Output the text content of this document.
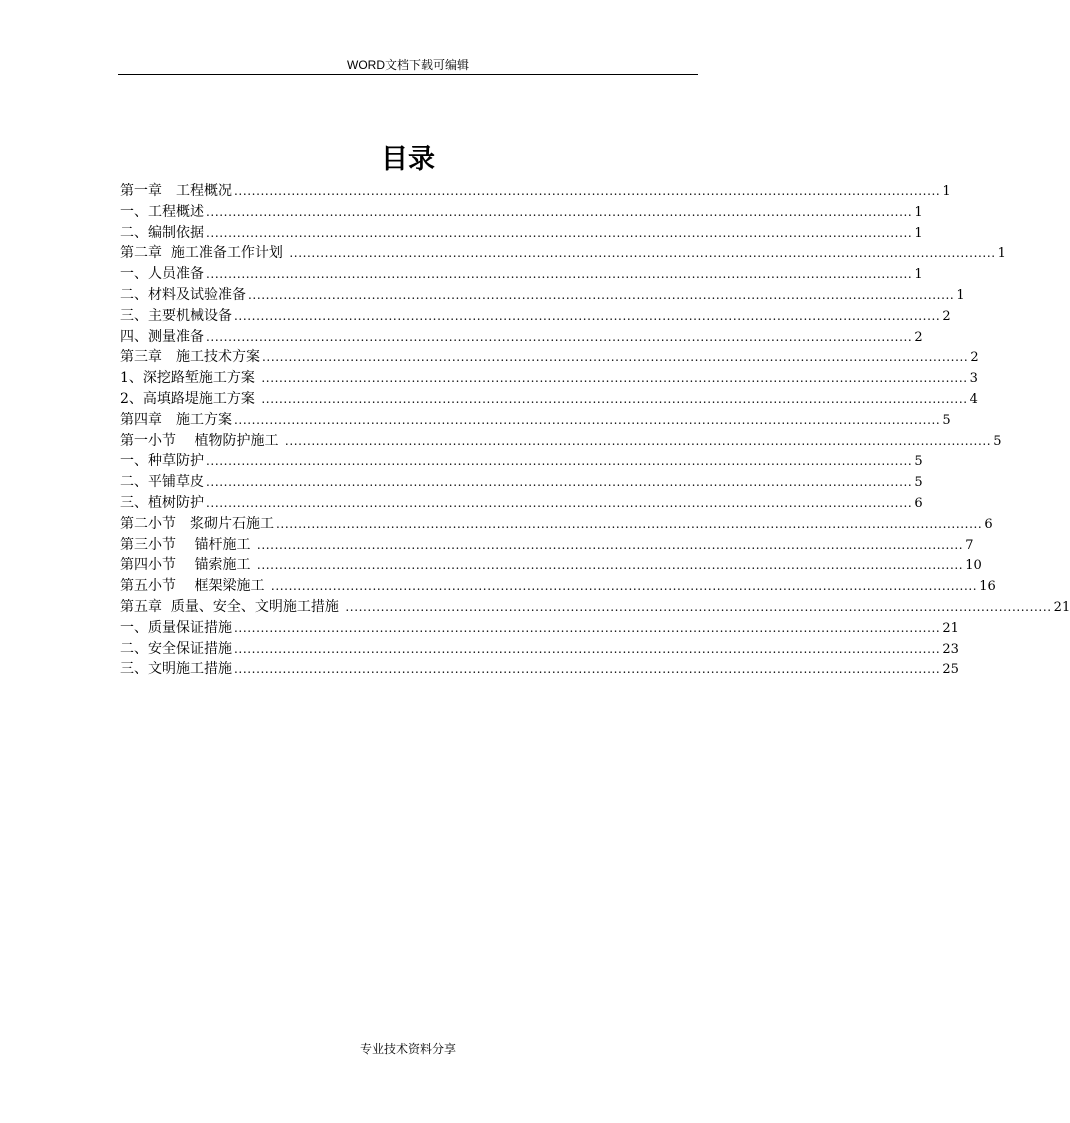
WORD文档下载可编辑
目录
第一章　工程概况 ................................................................................................................................................................ 1
一、工程概述 ................................................................................................................................................................ 1
二、编制依据 ................................................................................................................................................................ 1
第二章  施工准备工作计划 ................................................................................................................................................................ 1
一、人员准备 ................................................................................................................................................................ 1
二、材料及试验准备 ................................................................................................................................................................ 1
三、主要机械设备 ................................................................................................................................................................ 2
四、测量准备 ................................................................................................................................................................ 2
第三章　施工技术方案 ................................................................................................................................................................ 2
1、深挖路堑施工方案 ................................................................................................................................................................ 3
2、高填路堤施工方案 ................................................................................................................................................................ 4
第四章　施工方案 ................................................................................................................................................................ 5
第一小节　 植物防护施工 ................................................................................................................................................................ 5
一、种草防护 ................................................................................................................................................................ 5
二、平铺草皮 ................................................................................................................................................................ 5
三、植树防护 ................................................................................................................................................................ 6
第二小节　浆砌片石施工 ................................................................................................................................................................ 6
第三小节　 锚杆施工 ................................................................................................................................................................ 7
第四小节　 锚索施工 ................................................................................................................................................................ 10
第五小节　 框架梁施工 ................................................................................................................................................................ 16
第五章  质量、安全、文明施工措施 ................................................................................................................................................................ 21
一、质量保证措施 ................................................................................................................................................................ 21
二、安全保证措施 ................................................................................................................................................................ 23
三、文明施工措施 ................................................................................................................................................................ 25
专业技术资料分享
